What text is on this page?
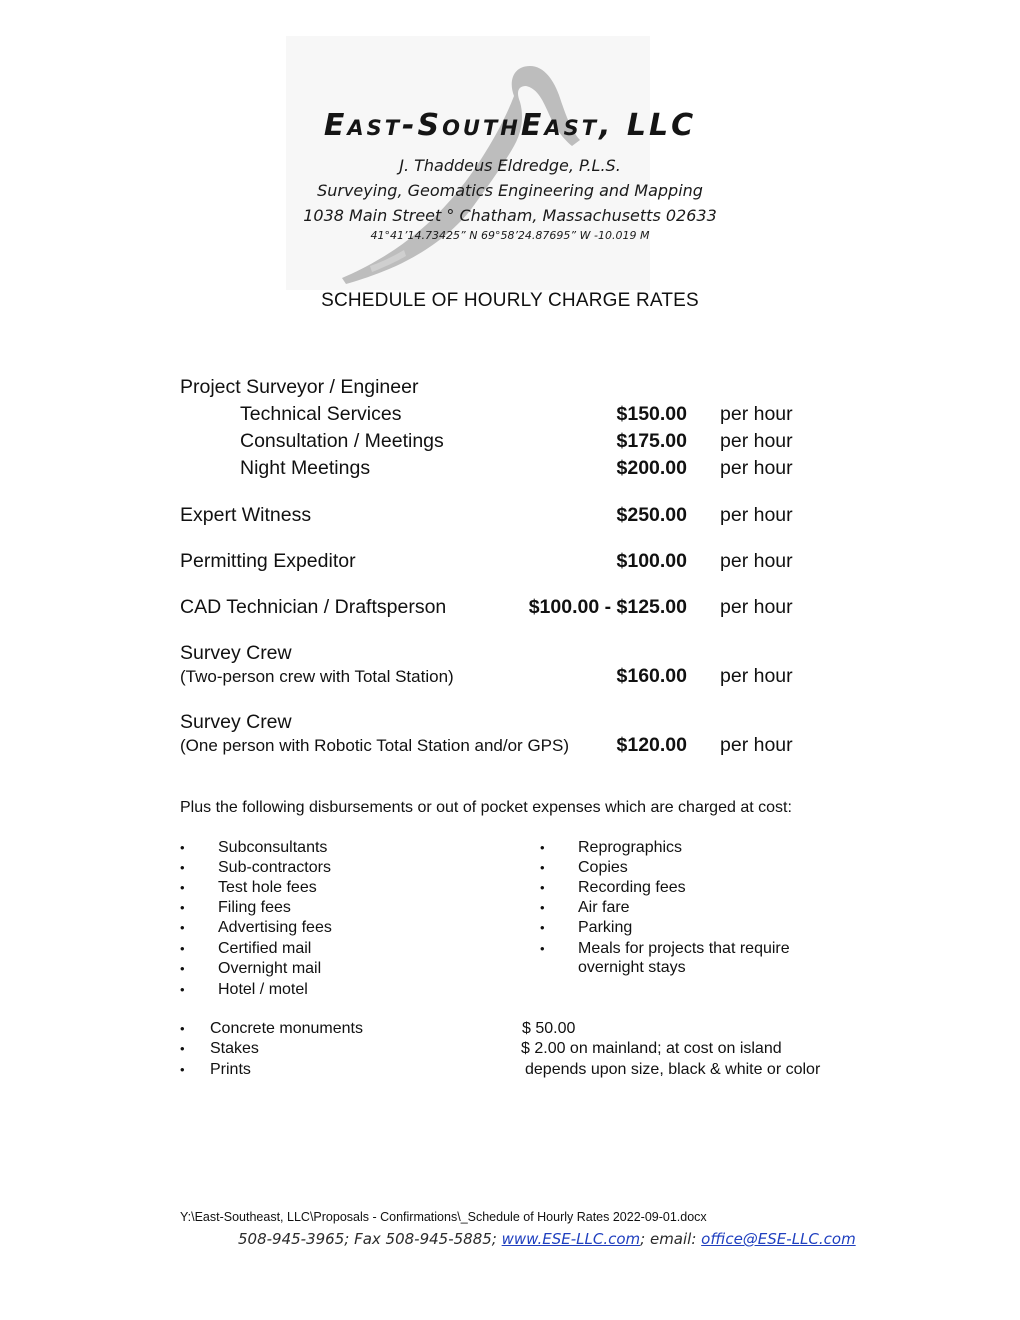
East-SouthEast, LLC
J. Thaddeus Eldredge, P.L.S.
Surveying, Geomatics Engineering and Mapping
1038 Main Street ° Chatham, Massachusetts 02633
41°41’14.73425” N 69°58’24.87695” W -10.019 M
SCHEDULE OF HOURLY CHARGE RATES
Project Surveyor / Engineer
Technical Services	$150.00 per hour
Consultation / Meetings	$175.00 per hour
Night Meetings	$200.00 per hour
Expert Witness	$250.00 per hour
Permitting Expeditor	$100.00 per hour
CAD Technician / Draftsperson	$100.00 - $125.00 per hour
Survey Crew
(Two-person crew with Total Station)	$160.00 per hour
Survey Crew
(One person with Robotic Total Station and/or GPS) $120.00 per hour
Plus the following disbursements or out of pocket expenses which are charged at cost:
• Subconsultants
• Sub-contractors
• Test hole fees
• Filing fees
• Advertising fees
• Certified mail
• Overnight mail
• Hotel / motel
• Reprographics
• Copies
• Recording fees
• Air fare
• Parking
• Meals for projects that require
overnight stays
• Concrete monuments	$ 50.00
• Stakes	$ 2.00 on mainland; at cost on island
• Prints	depends upon size, black & white or color
Y:\East-Southeast, LLC\Proposals - Confirmations\_Schedule of Hourly Rates 2022-09-01.docx
508-945-3965; Fax 508-945-5885; www.ESE-LLC.com; email: office@ESE-LLC.com
